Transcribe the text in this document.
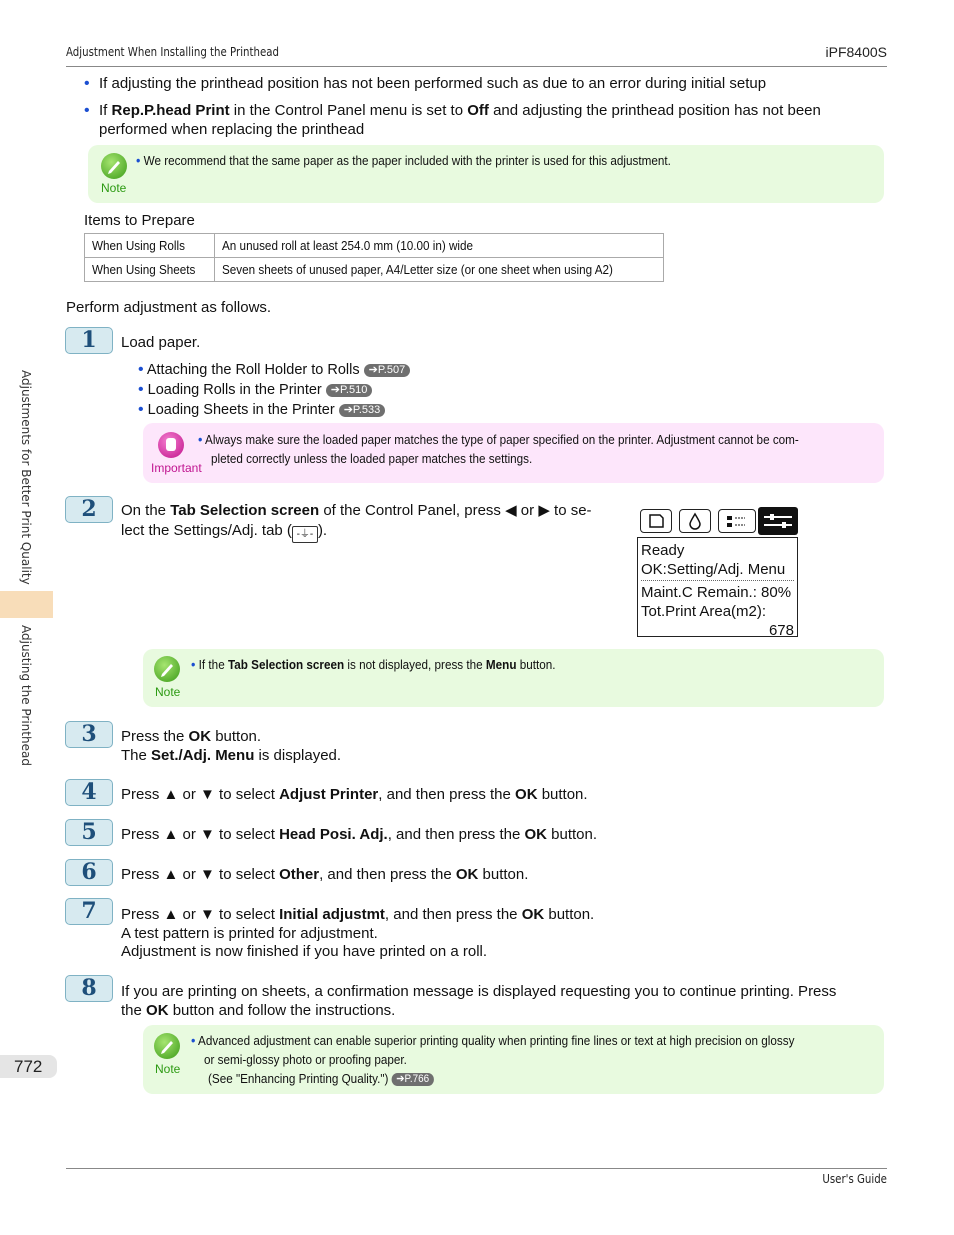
Adjustment When Installing the Printhead	iPF8400S
Adjustments for Better Print Quality
Adjusting the Printhead
772
• If adjusting the printhead position has not been performed such as due to an error during initial setup
• If Rep.P.head Print in the Control Panel menu is set to Off and adjusting the printhead position has not been
performed when replacing the printhead
Note
• We recommend that the same paper as the paper included with the printer is used for this adjustment.
Items to Prepare
When Using Rolls	An unused roll at least 254.0 mm (10.00 in) wide
When Using Sheets	Seven sheets of unused paper, A4/Letter size (or one sheet when using A2)
Perform adjustment as follows.
1	Load paper.
• Attaching the Roll Holder to Rolls ➔P.507
• Loading Rolls in the Printer ➔P.510
• Loading Sheets in the Printer ➔P.533
Important
• Always make sure the loaded paper matches the type of paper specified on the printer. Adjustment cannot be com-
pleted correctly unless the loaded paper matches the settings.
2	On the Tab Selection screen of the Control Panel, press ◀ or ▶ to se-
lect the Settings/Adj. tab ( -⏚- ).
Ready
OK:Setting/Adj. Menu
Maint.C Remain.: 80%
Tot.Print Area(m2):
678
Note
• If the Tab Selection screen is not displayed, press the Menu button.
3	Press the OK button.
The Set./Adj. Menu is displayed.
4	Press ▲ or ▼ to select Adjust Printer, and then press the OK button.
5	Press ▲ or ▼ to select Head Posi. Adj., and then press the OK button.
6	Press ▲ or ▼ to select Other, and then press the OK button.
7	Press ▲ or ▼ to select Initial adjustmt, and then press the OK button.
A test pattern is printed for adjustment.
Adjustment is now finished if you have printed on a roll.
8	If you are printing on sheets, a confirmation message is displayed requesting you to continue printing. Press
the OK button and follow the instructions.
Note
• Advanced adjustment can enable superior printing quality when printing fine lines or text at high precision on glossy
or semi-glossy photo or proofing paper.
(See "Enhancing Printing Quality.") ➔P.766
User's Guide
